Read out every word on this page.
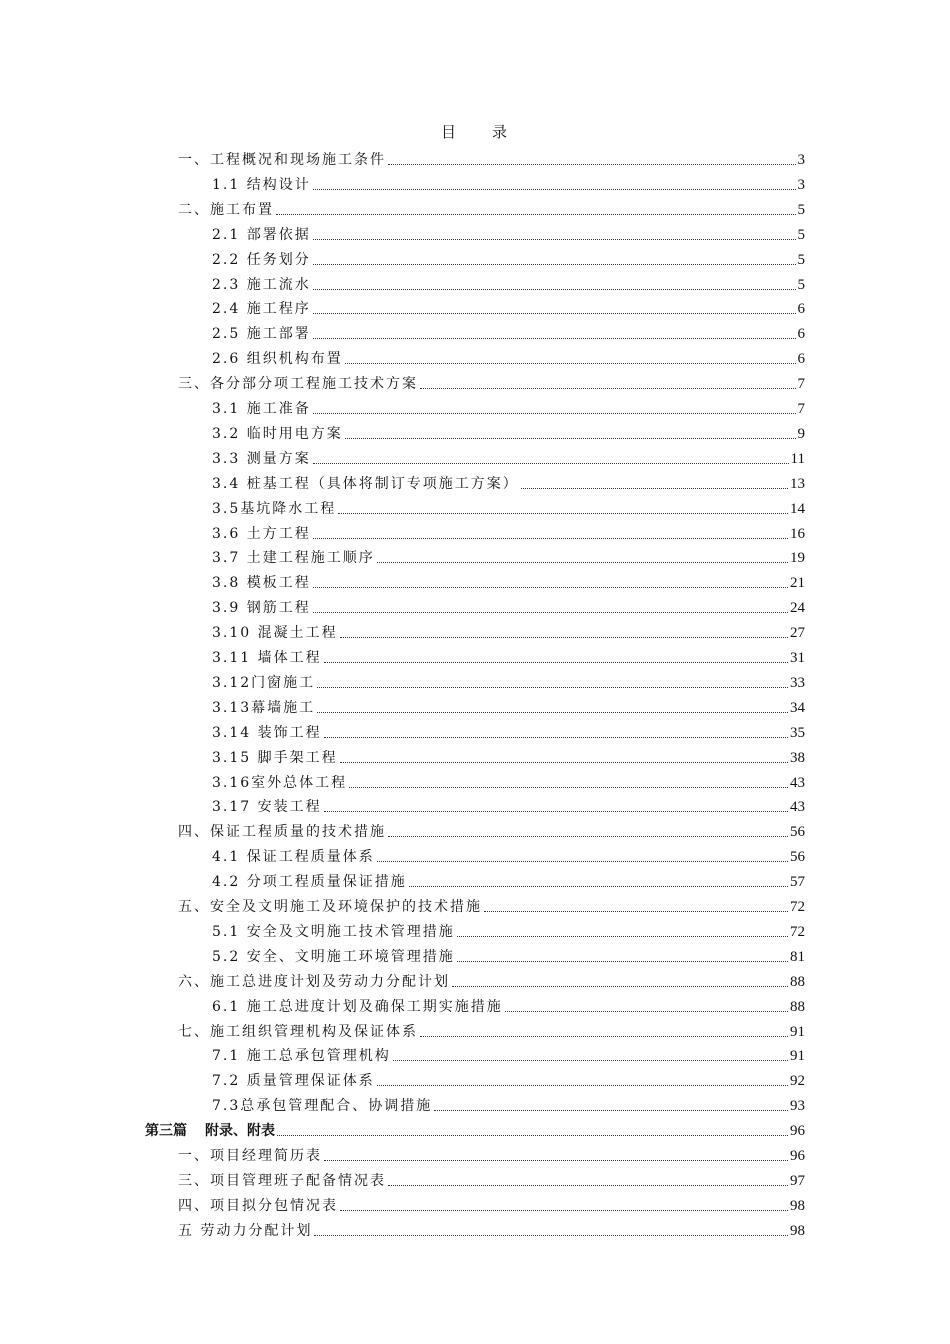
目 录
一、工程概况和现场施工条件	3
1.1 结构设计	3
二、施工布置	5
2.1 部署依据	5
2.2 任务划分	5
2.3 施工流水	5
2.4 施工程序	6
2.5 施工部署	6
2.6 组织机构布置	6
三、各分部分项工程施工技术方案	7
3.1 施工准备	7
3.2 临时用电方案	9
3.3 测量方案	11
3.4 桩基工程（具体将制订专项施工方案）	13
3.5基坑降水工程	14
3.6 土方工程	16
3.7 土建工程施工顺序	19
3.8 模板工程	21
3.9 钢筋工程	24
3.10 混凝土工程	27
3.11 墙体工程	31
3.12门窗施工	33
3.13幕墙施工	34
3.14 装饰工程	35
3.15 脚手架工程	38
3.16室外总体工程	43
3.17 安装工程	43
四、保证工程质量的技术措施	56
4.1 保证工程质量体系	56
4.2 分项工程质量保证措施	57
五、安全及文明施工及环境保护的技术措施	72
5.1 安全及文明施工技术管理措施	72
5.2 安全、文明施工环境管理措施	81
六、施工总进度计划及劳动力分配计划	88
6.1 施工总进度计划及确保工期实施措施	88
七、施工组织管理机构及保证体系	91
7.1 施工总承包管理机构	91
7.2 质量管理保证体系	92
7.3总承包管理配合、协调措施	93
第三篇 附录、附表	96
一、项目经理简历表	96
三、项目管理班子配备情况表	97
四、项目拟分包情况表	98
五 劳动力分配计划	98
